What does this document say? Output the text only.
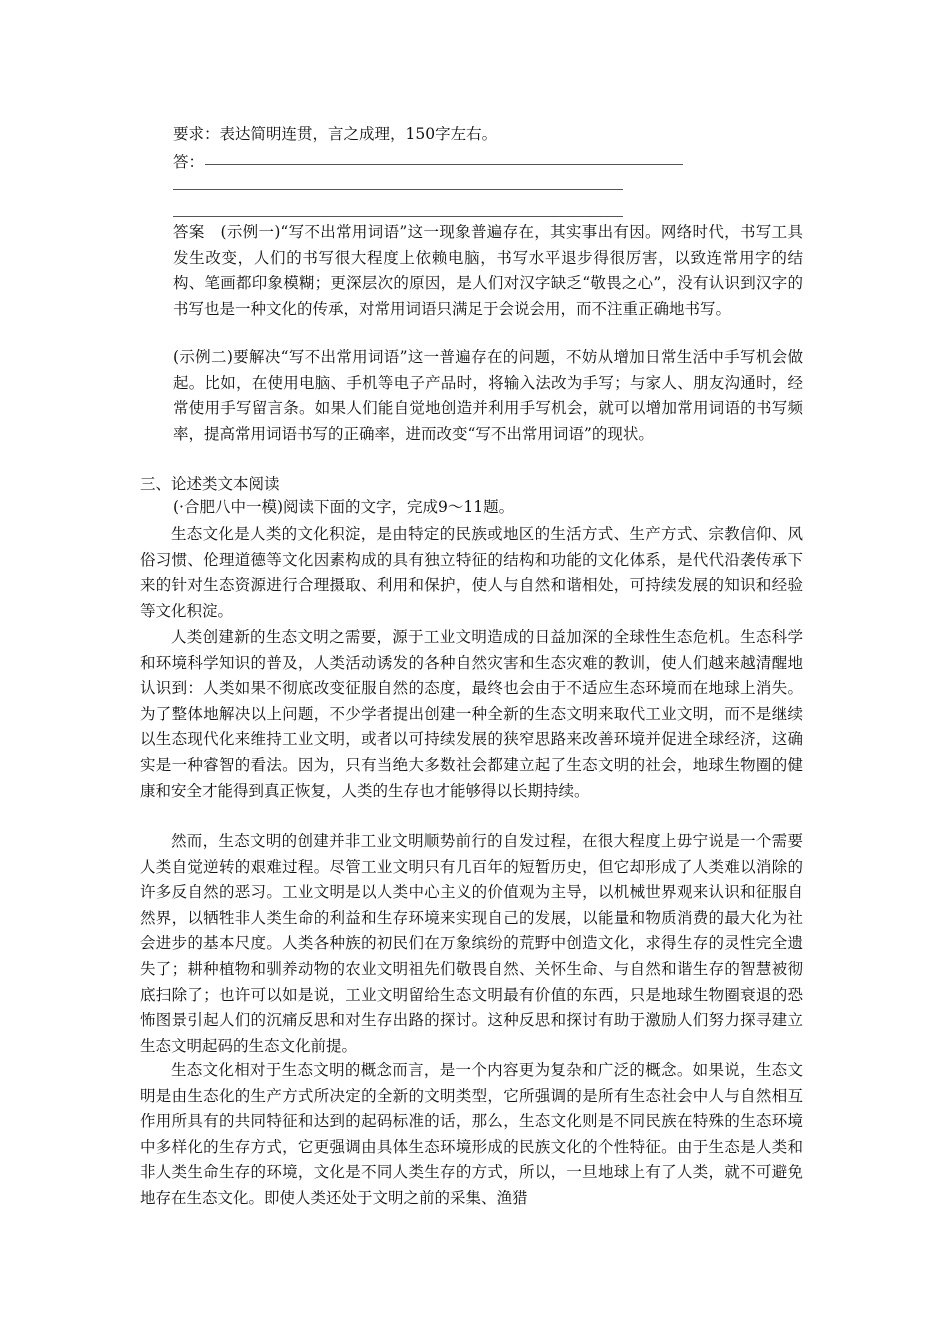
要求：表达简明连贯，言之成理，150字左右。
答：
答案　(示例一)“写不出常用词语”这一现象普遍存在，其实事出有因。网络时代，书写工具发生改变，人们的书写很大程度上依赖电脑，书写水平退步得很厉害，以致连常用字的结构、笔画都印象模糊；更深层次的原因，是人们对汉字缺乏“敬畏之心”，没有认识到汉字的书写也是一种文化的传承，对常用词语只满足于会说会用，而不注重正确地书写。
(示例二)要解决“写不出常用词语”这一普遍存在的问题，不妨从增加日常生活中手写机会做起。比如，在使用电脑、手机等电子产品时，将输入法改为手写；与家人、朋友沟通时，经常使用手写留言条。如果人们能自觉地创造并利用手写机会，就可以增加常用词语的书写频率，提高常用词语书写的正确率，进而改变“写不出常用词语”的现状。
三、论述类文本阅读
(·合肥八中一模)阅读下面的文字，完成9～11题。
生态文化是人类的文化积淀，是由特定的民族或地区的生活方式、生产方式、宗教信仰、风俗习惯、伦理道德等文化因素构成的具有独立特征的结构和功能的文化体系，是代代沿袭传承下来的针对生态资源进行合理摄取、利用和保护，使人与自然和谐相处，可持续发展的知识和经验等文化积淀。
人类创建新的生态文明之需要，源于工业文明造成的日益加深的全球性生态危机。生态科学和环境科学知识的普及，人类活动诱发的各种自然灾害和生态灾难的教训，使人们越来越清醒地认识到：人类如果不彻底改变征服自然的态度，最终也会由于不适应生态环境而在地球上消失。为了整体地解决以上问题，不少学者提出创建一种全新的生态文明来取代工业文明，而不是继续以生态现代化来维持工业文明，或者以可持续发展的狭窄思路来改善环境并促进全球经济，这确实是一种睿智的看法。因为，只有当绝大多数社会都建立起了生态文明的社会，地球生物圈的健康和安全才能得到真正恢复，人类的生存也才能够得以长期持续。
然而，生态文明的创建并非工业文明顺势前行的自发过程，在很大程度上毋宁说是一个需要人类自觉逆转的艰难过程。尽管工业文明只有几百年的短暂历史，但它却形成了人类难以消除的许多反自然的恶习。工业文明是以人类中心主义的价值观为主导，以机械世界观来认识和征服自然界，以牺牲非人类生命的利益和生存环境来实现自己的发展，以能量和物质消费的最大化为社会进步的基本尺度。人类各种族的初民们在万象缤纷的荒野中创造文化，求得生存的灵性完全遗失了；耕种植物和驯养动物的农业文明祖先们敬畏自然、关怀生命、与自然和谐生存的智慧被彻底扫除了；也许可以如是说，工业文明留给生态文明最有价值的东西，只是地球生物圈衰退的恐怖图景引起人们的沉痛反思和对生存出路的探讨。这种反思和探讨有助于激励人们努力探寻建立生态文明起码的生态文化前提。
生态文化相对于生态文明的概念而言，是一个内容更为复杂和广泛的概念。如果说，生态文明是由生态化的生产方式所决定的全新的文明类型，它所强调的是所有生态社会中人与自然相互作用所具有的共同特征和达到的起码标准的话，那么，生态文化则是不同民族在特殊的生态环境中多样化的生存方式，它更强调由具体生态环境形成的民族文化的个性特征。由于生态是人类和非人类生命生存的环境，文化是不同人类生存的方式，所以，一旦地球上有了人类，就不可避免地存在生态文化。即使人类还处于文明之前的采集、渔猎
